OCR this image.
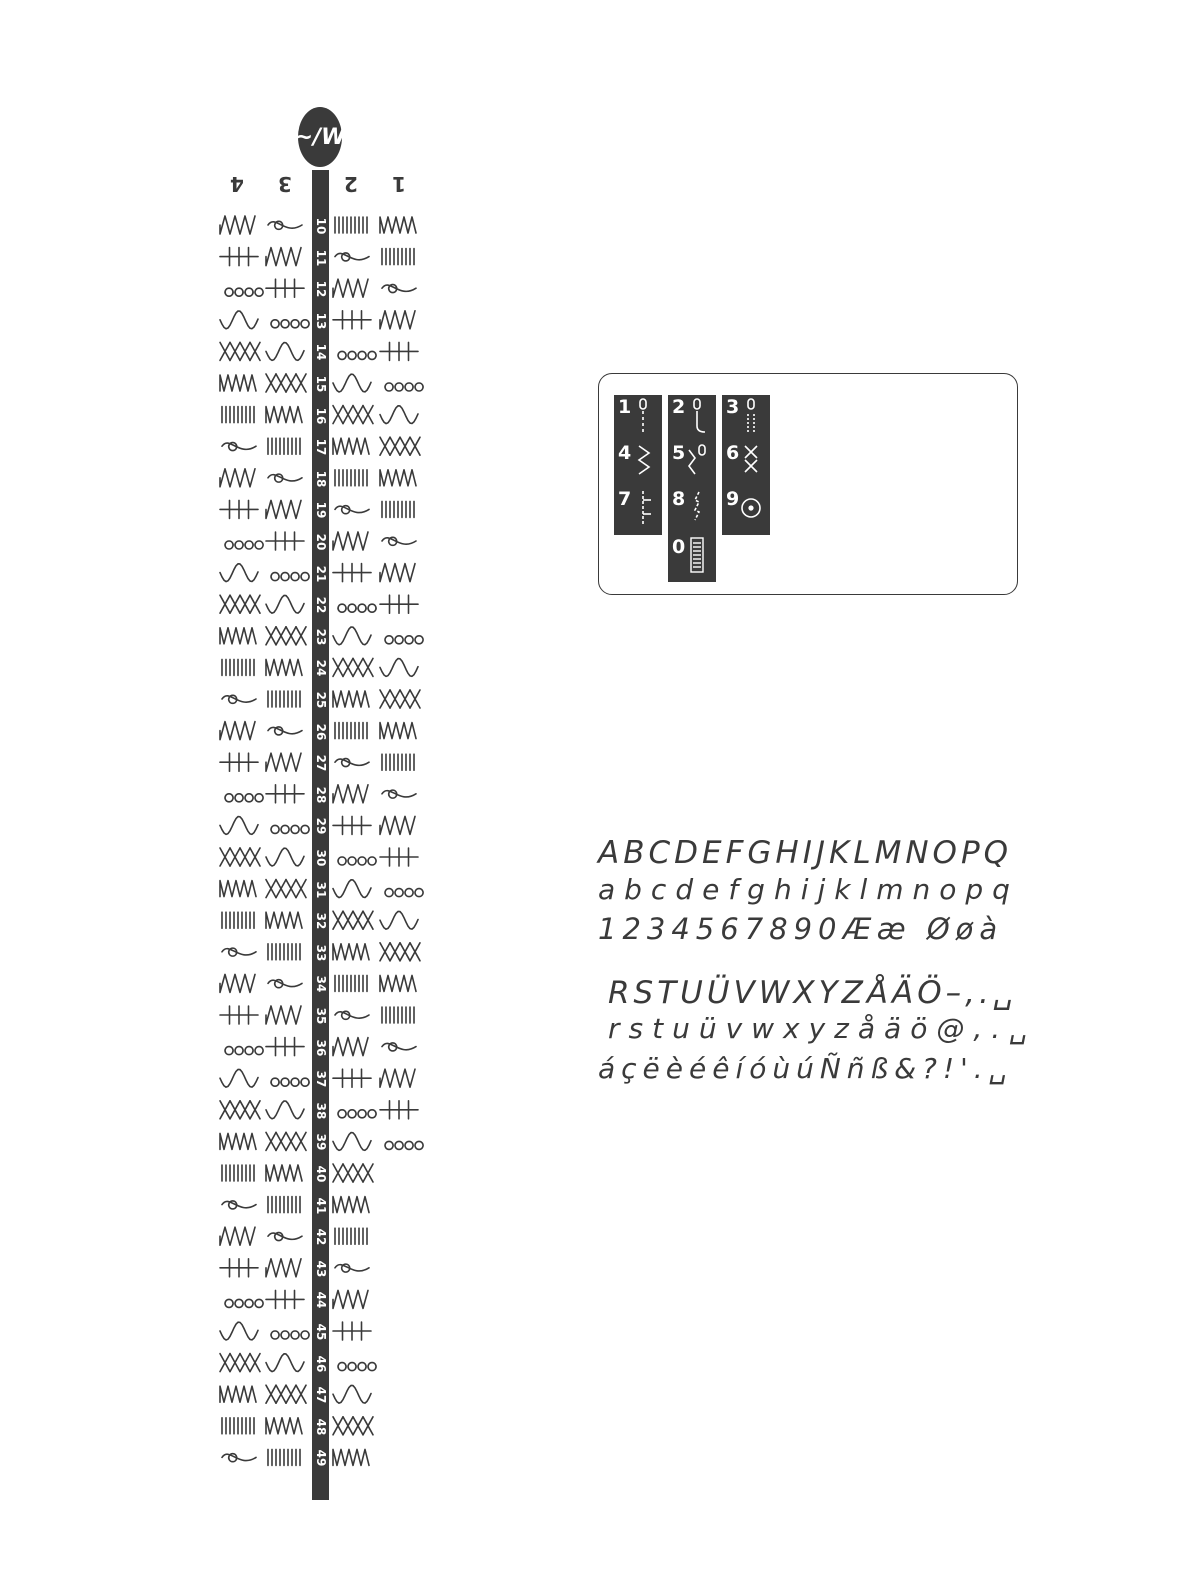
~/W
4 3	2 1
10
11
12
13
14
15
16
17
18
19
20
21
22
23
24
25
26
27
28
29
30
31
32
33
34
35
36
37
38
39
40
41
42
43
44
45
46
47
48
49
1 2 3
4 5 6
7 8 9
0
ABCDEFGHIJKLMNOPQ
abcdefghijklmnopq
1234567890Ææ Øøà
RSTUÜVWXYZÅÄÖ–,.␣
rstuüvwxyzåäö@,.␣
áçëèéêíóùúÑñß&?!'.␣
